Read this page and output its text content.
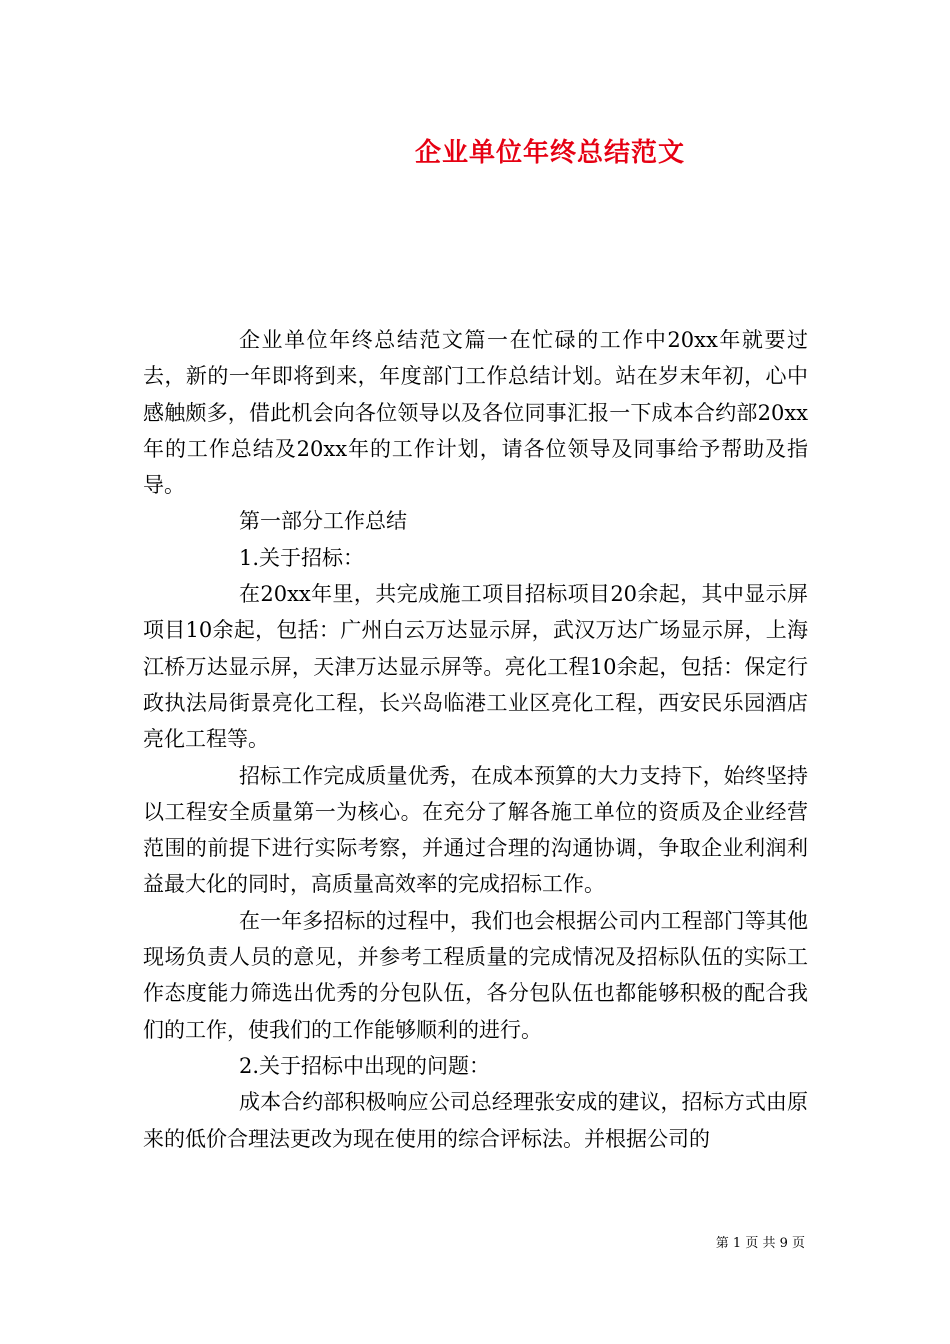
企业单位年终总结范文

企业单位年终总结范文篇一在忙碌的工作中20xx年就要过去，新的一年即将到来，年度部门工作总结计划。站在岁末年初，心中感触颇多，借此机会向各位领导以及各位同事汇报一下成本合约部20xx年的工作总结及20xx年的工作计划，请各位领导及同事给予帮助及指导。

第一部分工作总结

1.关于招标：

在20xx年里，共完成施工项目招标项目20余起，其中显示屏项目10余起，包括：广州白云万达显示屏，武汉万达广场显示屏，上海江桥万达显示屏，天津万达显示屏等。亮化工程10余起，包括：保定行政执法局街景亮化工程，长兴岛临港工业区亮化工程，西安民乐园酒店亮化工程等。

招标工作完成质量优秀，在成本预算的大力支持下，始终坚持以工程安全质量第一为核心。在充分了解各施工单位的资质及企业经营范围的前提下进行实际考察，并通过合理的沟通协调，争取企业利润利益最大化的同时，高质量高效率的完成招标工作。

在一年多招标的过程中，我们也会根据公司内工程部门等其他现场负责人员的意见，并参考工程质量的完成情况及招标队伍的实际工作态度能力筛选出优秀的分包队伍，各分包队伍也都能够积极的配合我们的工作，使我们的工作能够顺利的进行。

2.关于招标中出现的问题：

成本合约部积极响应公司总经理张安成的建议，招标方式由原来的低价合理法更改为现在使用的综合评标法。并根据公司的

第 1 页 共 9 页
